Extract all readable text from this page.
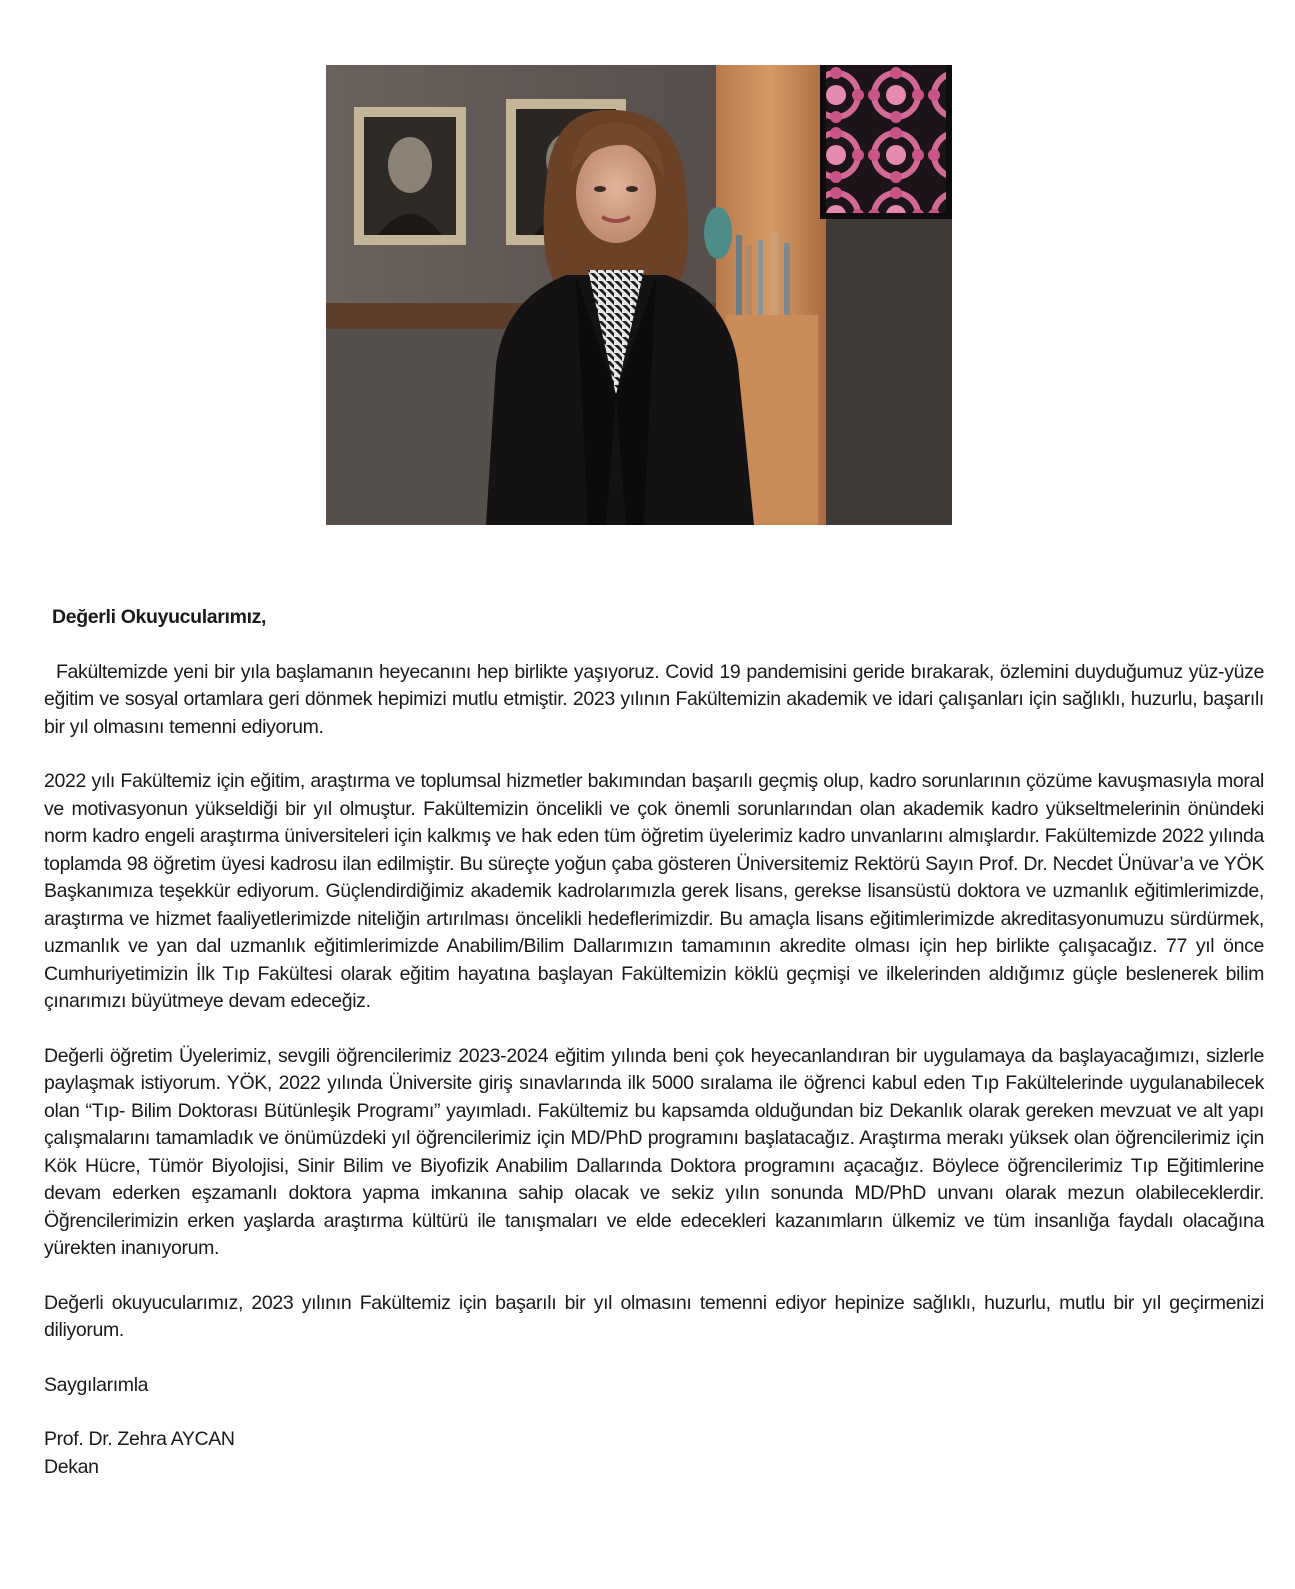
Değerli Okuyucularımız,

Fakültemizde yeni bir yıla başlamanın heyecanını hep birlikte yaşıyoruz. Covid 19 pandemisini geride bırakarak, özlemini duyduğumuz yüz-yüze eğitim ve sosyal ortamlara geri dönmek hepimizi mutlu etmiştir. 2023 yılının Fakültemizin akademik ve idari çalışanları için sağlıklı, huzurlu, başarılı bir yıl olmasını temenni ediyorum.

2022 yılı Fakültemiz için eğitim, araştırma ve toplumsal hizmetler bakımından başarılı geçmiş olup, kadro sorunlarının çözüme kavuşmasıyla moral ve motivasyonun yükseldiği bir yıl olmuştur. Fakültemizin öncelikli ve çok önemli sorunlarından olan akademik kadro yükseltmelerinin önündeki norm kadro engeli araştırma üniversiteleri için kalkmış ve hak eden tüm öğretim üyelerimiz kadro unvanlarını almışlardır. Fakültemizde 2022 yılında toplamda 98 öğretim üyesi kadrosu ilan edilmiştir. Bu süreçte yoğun çaba gösteren Üniversitemiz Rektörü Sayın Prof. Dr. Necdet Ünüvar’a ve YÖK Başkanımıza teşekkür ediyorum. Güçlendirdiğimiz akademik kadrolarımızla gerek lisans, gerekse lisansüstü doktora ve uzmanlık eğitimlerimizde, araştırma ve hizmet faaliyetlerimizde niteliğin artırılması öncelikli hedeflerimizdir. Bu amaçla lisans eğitimlerimizde akreditasyonumuzu sürdürmek, uzmanlık ve yan dal uzmanlık eğitimlerimizde Anabilim/Bilim Dallarımızın tamamının akredite olması için hep birlikte çalışacağız. 77 yıl önce Cumhuriyetimizin İlk Tıp Fakültesi olarak eğitim hayatına başlayan Fakültemizin köklü geçmişi ve ilkelerinden aldığımız güçle beslenerek bilim çınarımızı büyütmeye devam edeceğiz.

Değerli öğretim Üyelerimiz, sevgili öğrencilerimiz 2023-2024 eğitim yılında beni çok heyecanlandıran bir uygulamaya da başlayacağımızı, sizlerle paylaşmak istiyorum. YÖK, 2022 yılında Üniversite giriş sınavlarında ilk 5000 sıralama ile öğrenci kabul eden Tıp Fakültelerinde uygulanabilecek olan “Tıp- Bilim Doktorası Bütünleşik Programı” yayımladı. Fakültemiz bu kapsamda olduğundan biz Dekanlık olarak gereken mevzuat ve alt yapı çalışmalarını tamamladık ve önümüzdeki yıl öğrencilerimiz için MD/PhD programını başlatacağız. Araştırma merakı yüksek olan öğrencilerimiz için Kök Hücre, Tümör Biyolojisi, Sinir Bilim ve Biyofizik Anabilim Dallarında Doktora programını açacağız. Böylece öğrencilerimiz Tıp Eğitimlerine devam ederken eşzamanlı doktora yapma imkanına sahip olacak ve sekiz yılın sonunda MD/PhD unvanı olarak mezun olabileceklerdir. Öğrencilerimizin erken yaşlarda araştırma kültürü ile tanışmaları ve elde edecekleri kazanımların ülkemiz ve tüm insanlığa faydalı olacağına yürekten inanıyorum.

Değerli okuyucularımız, 2023 yılının Fakültemiz için başarılı bir yıl olmasını temenni ediyor hepinize sağlıklı, huzurlu, mutlu bir yıl geçirmenizi diliyorum.

Saygılarımla

Prof. Dr. Zehra AYCAN

Dekan
